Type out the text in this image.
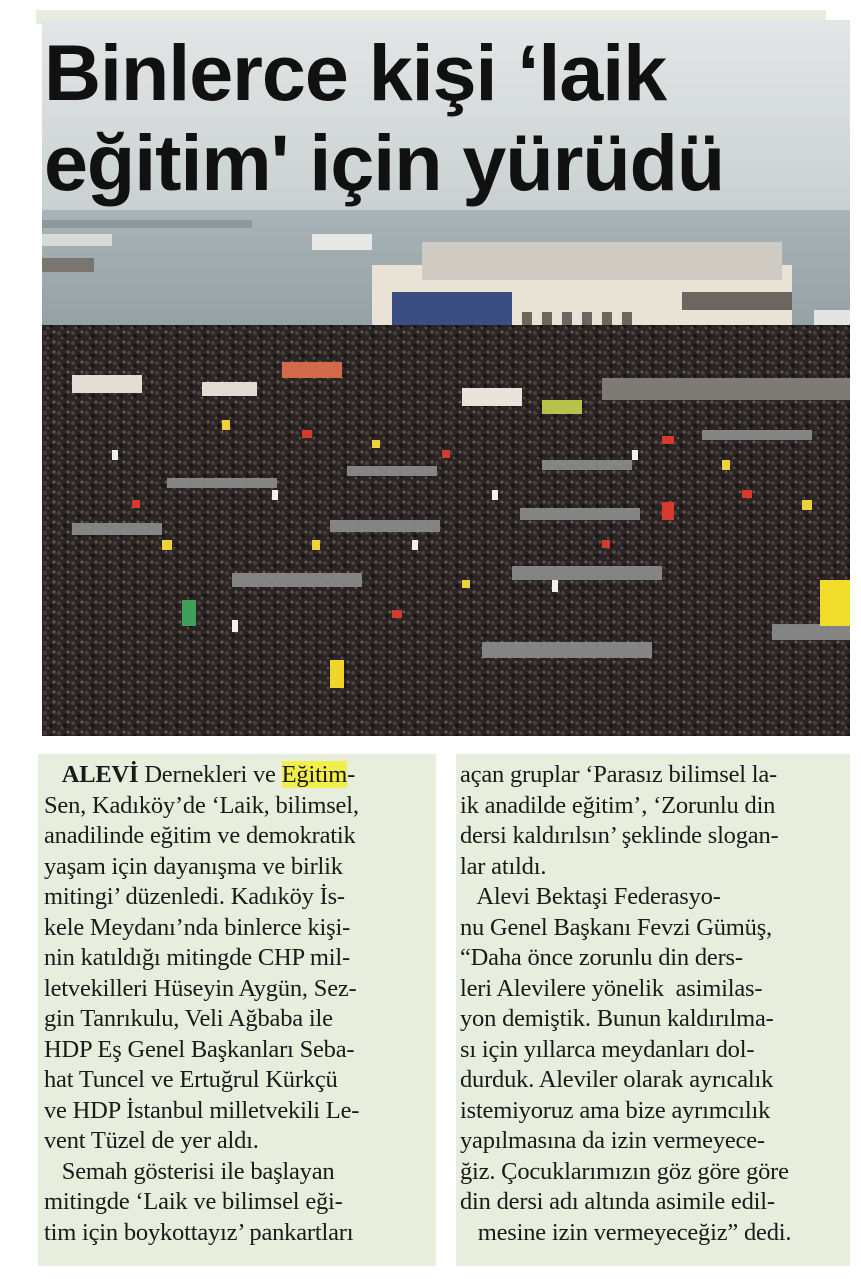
Binlerce kişi ‘laik
eğitim' için yürüdü

ALEVİ Dernekleri ve Eğitim-

Sen, Kadıköy’de ‘Laik, bilimsel,

anadilinde eğitim ve demokratik

yaşam için dayanışma ve birlik

mitingi’ düzenledi. Kadıköy İs-

kele Meydanı’nda binlerce kişi-

nin katıldığı mitingde CHP mil-

letvekilleri Hüseyin Aygün, Sez-

gin Tanrıkulu, Veli Ağbaba ile

HDP Eş Genel Başkanları Seba-

hat Tuncel ve Ertuğrul Kürkçü

ve HDP İstanbul milletvekili Le-

vent Tüzel de yer aldı.

Semah gösterisi ile başlayan

mitingde ‘Laik ve bilimsel eği-

tim için boykottayız’ pankartları

açan gruplar ‘Parasız bilimsel la-

ik anadilde eğitim’, ‘Zorunlu din

dersi kaldırılsın’ şeklinde slogan-

lar atıldı.

Alevi Bektaşi Federasyo-

nu Genel Başkanı Fevzi Gümüş,

“Daha önce zorunlu din ders-

leri Alevilere yönelik  asimilas-

yon demiştik. Bunun kaldırılma-

sı için yıllarca meydanları dol-

durduk. Aleviler olarak ayrıcalık

istemiyoruz ama bize ayrımcılık

yapılmasına da izin vermeyece-

ğiz. Çocuklarımızın göz göre göre

din dersi adı altında asimile edil-

mesine izin vermeyeceğiz” dedi.
